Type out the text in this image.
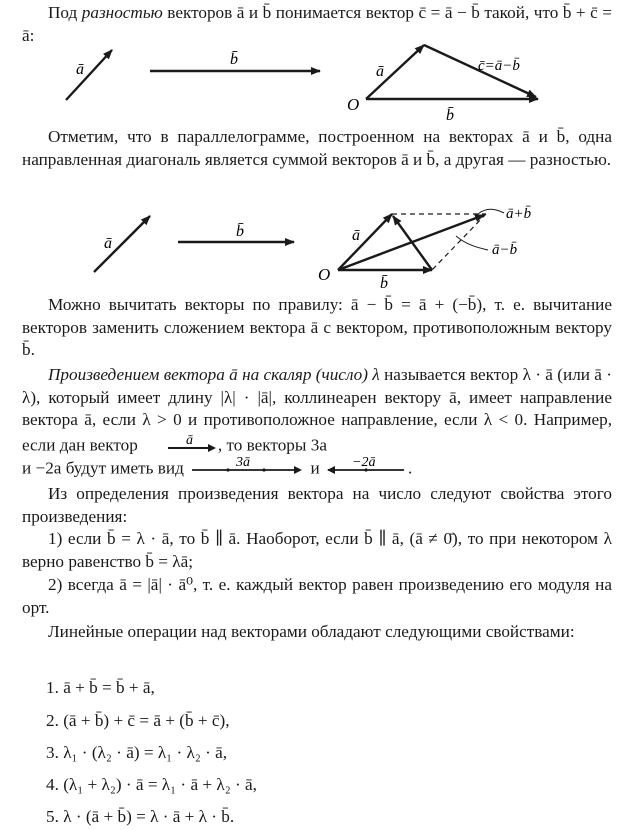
Под разностью векторов ā и b̄ понимается вектор c̄ = ā − b̄ такой, что b̄ + c̄ = ā:
ā
b̄
ā	c̄=ā−b̄
b̄
O
Отметим, что в параллелограмме, построенном на векторах ā и b̄, одна направленная диагональ является суммой векторов ā и b̄, а другая — разностью.
ā
b̄	ā
b̄
ā+b̄
ā−b̄
O
Можно вычитать векторы по правилу: ā − b̄ = ā + (−b̄), т. е. вычитание векторов заменить сложением вектора ā с вектором, противоположным вектору b̄.
Произведением вектора ā на скаляр (число) λ называется вектор λ · ā (или ā · λ), который имеет длину |λ| · |ā|, коллинеарен вектору ā, имеет направление вектора ā, если λ > 0 и противоположное направление, если λ < 0. Например, если дан вектор	ā , то векторы 3a
и −2a будут иметь вид	3ā	и −2ā .
Из определения произведения вектора на число следуют свойства этого произведения:
1) если b̄ = λ · ā, то b̄ ∥ ā. Наоборот, если b̄ ∥ ā, (ā ≠ 0̄), то при некотором λ верно равенство b̄ = λā;
2) всегда ā = |ā| · ā⁰, т. е. каждый вектор равен произведению его модуля на орт.
Линейные операции над векторами обладают следующими свойствами:
1. ā + b̄ = b̄ + ā,
2. (ā + b̄) + c̄ = ā + (b̄ + c̄),
3. λ₁ · (λ₂ · ā) = λ₁ · λ₂ · ā,
4. (λ₁ + λ₂) · ā = λ₁ · ā + λ₂ · ā,
5. λ · (ā + b̄) = λ · ā + λ · b̄.
